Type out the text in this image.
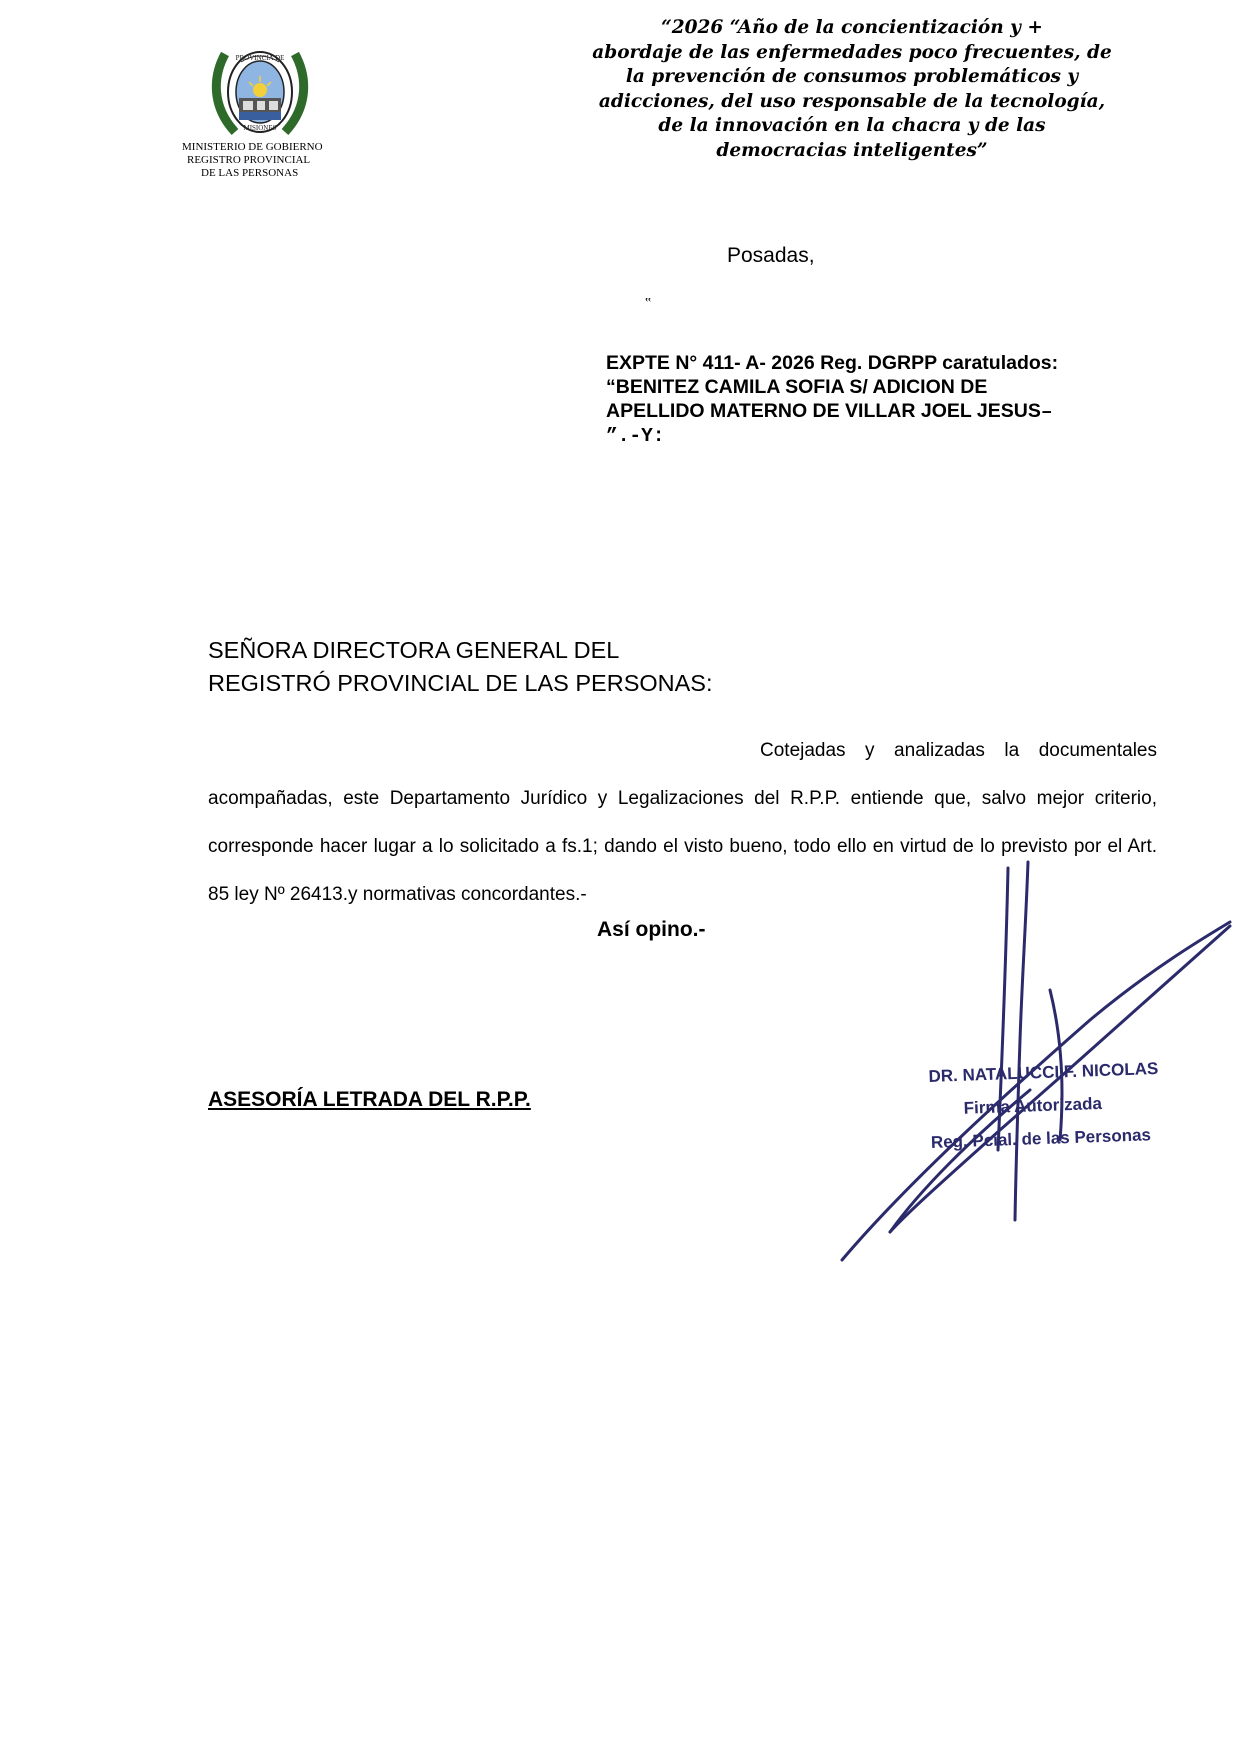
PROVINCIA DE
MISIONES
MINISTERIO DE GOBIERNO
REGISTRO PROVINCIAL
DE LAS PERSONAS
“2026 “Año de la concientización y +
abordaje de las enfermedades poco frecuentes, de
la prevención de consumos problemáticos y
adicciones, del uso responsable de la tecnología,
de la innovación en la chacra y de las
democracias inteligentes”
Posadas,
‟
EXPTE N° 411- A- 2026 Reg. DGRPP caratulados:
“BENITEZ CAMILA SOFIA S/ ADICION DE
APELLIDO MATERNO DE VILLAR JOEL JESUS–
”.-Y:
SEÑORA DIRECTORA GENERAL DEL
REGISTRÓ PROVINCIAL DE LAS PERSONAS:

Cotejadas y analizadas la documentales acompañadas, este Departamento Jurídico y Legalizaciones del R.P.P. entiende que, salvo mejor criterio, corresponde hacer lugar a lo solicitado a fs.1; dando el visto bueno, todo ello en virtud de lo previsto por el Art. 85 ley Nº 26413.y normativas concordantes.-

Así opino.-
ASESORÍA LETRADA DEL R.P.P.
DR. NATALUCCI F. NICOLAS
Firma Autorizada
Reg. Pcial. de las Personas
